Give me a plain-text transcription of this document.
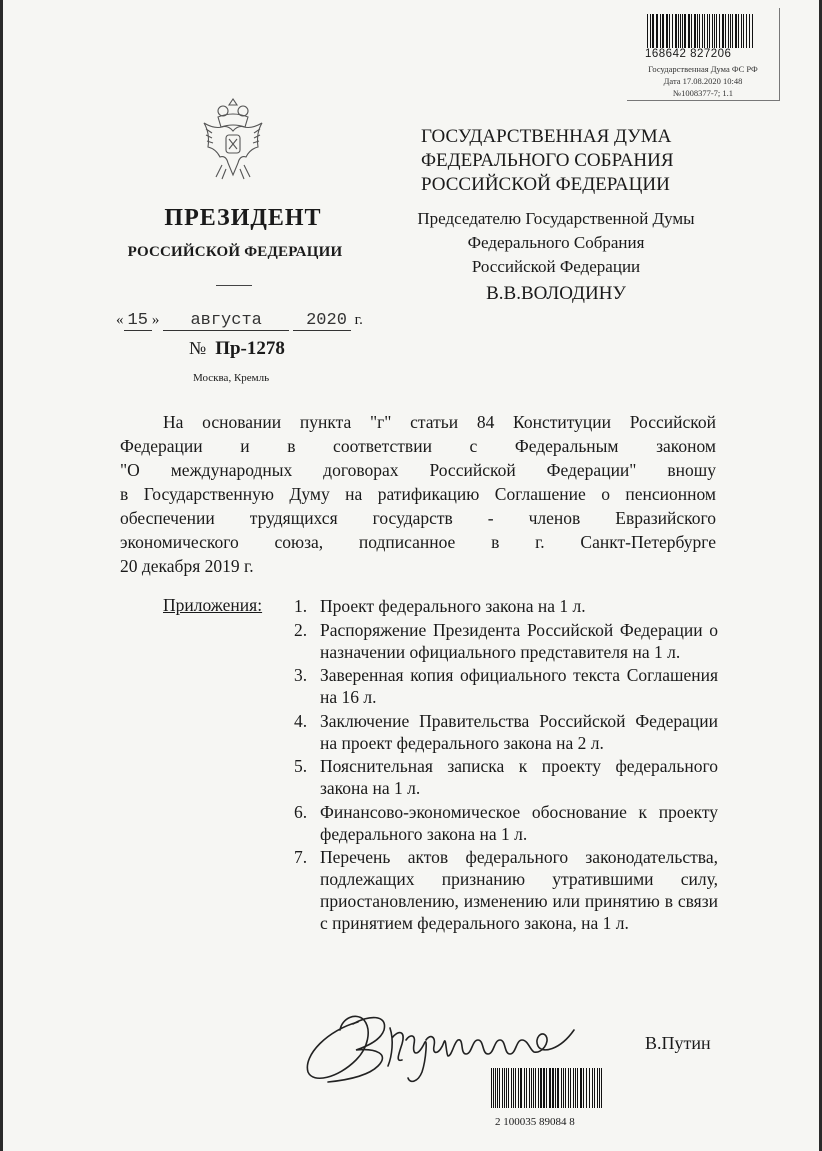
168642 827206
Государственная Дума ФС РФ
Дата 17.08.2020 10:48
№1008377-7; 1.1
ПРЕЗИДЕНТ
РОССИЙСКОЙ ФЕДЕРАЦИИ
« 15 » августа	2020 г.
№ Пр-1278
Москва, Кремль
ГОСУДАРСТВЕННАЯ ДУМА
ФЕДЕРАЛЬНОГО СОБРАНИЯ
РОССИЙСКОЙ ФЕДЕРАЦИИ
Председателю Государственной Думы
Федерального Собрания
Российской Федерации
В.В.ВОЛОДИНУ
На основании пункта "г" статьи 84 Конституции Российской
Федерации и в соответствии с Федеральным законом
"О международных договорах Российской Федерации" вношу
в Государственную Думу на ратификацию Соглашение о пенсионном
обеспечении трудящихся государств - членов Евразийского
экономического союза, подписанное в г. Санкт-Петербурге
20 декабря 2019 г.
Приложения: 1. Проект федерального закона на 1 л.
2. Распоряжение Президента Российской Федерации о назначении официального представителя на 1 л.
3. Заверенная копия официального текста Соглашения на 16 л.
4. Заключение Правительства Российской Федерации на проект федерального закона на 2 л.
5. Пояснительная записка к проекту федерального закона на 1 л.
6. Финансово-экономическое обоснование к проекту федерального закона на 1 л.
7. Перечень актов федерального законодательства, подлежащих признанию утратившими силу, приостановлению, изменению или принятию в связи с принятием федерального закона, на 1 л.
В.Путин
2 100035 89084 8
